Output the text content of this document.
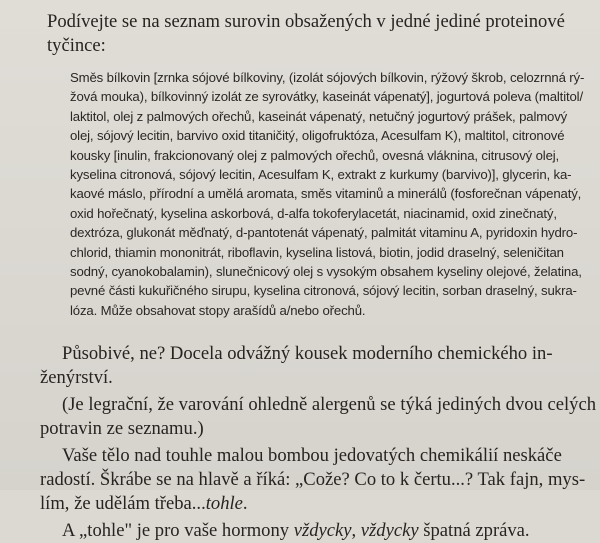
Podívejte se na seznam surovin obsažených v jedné jediné proteinové
tyčince:
Směs bílkovin [zrnka sójové bílkoviny, (izolát sójových bílkovin, rýžový škrob, celozrnná rý-
žová mouka), bílkovinný izolát ze syrovátky, kaseinát vápenatý], jogurtová poleva (maltitol/
laktitol, olej z palmových ořechů, kaseinát vápenatý, netučný jogurtový prášek, palmový
olej, sójový lecitin, barvivo oxid titaničitý, oligofruktóza, Acesulfam K), maltitol, citronové
kousky [inulin, frakcionovaný olej z palmových ořechů, ovesná vláknina, citrusový olej,
kyselina citronová, sójový lecitin, Acesulfam K, extrakt z kurkumy (barvivo)], glycerin, ka-
kaové máslo, přírodní a umělá aromata, směs vitaminů a minerálů (fosforečnan vápenatý,
oxid hořečnatý, kyselina askorbová, d-alfa tokoferylacetát, niacinamid, oxid zinečnatý,
dextróza, glukonát měďnatý, d-pantotenát vápenatý, palmitát vitaminu A, pyridoxin hydro-
chlorid, thiamin mononitrát, riboflavin, kyselina listová, biotin, jodid draselný, seleničitan
sodný, cyanokobalamin), slunečnicový olej s vysokým obsahem kyseliny olejové, želatina,
pevné části kukuřičného sirupu, kyselina citronová, sójový lecitin, sorban draselný, sukra-
lóza. Může obsahovat stopy arašídů a/nebo ořechů.
Působivé, ne? Docela odvážný kousek moderního chemického in-
ženýrství.
(Je legrační, že varování ohledně alergenů se týká jediných dvou celých
potravin ze seznamu.)
Vaše tělo nad touhle malou bombou jedovatých chemikálií neskáče
radostí. Škrábe se na hlavě a říká: „Cože? Co to k čertu...? Tak fajn, mys-
lím, že udělám třeba...tohle.
A „tohle" je pro vaše hormony vždycky, vždycky špatná zpráva.
